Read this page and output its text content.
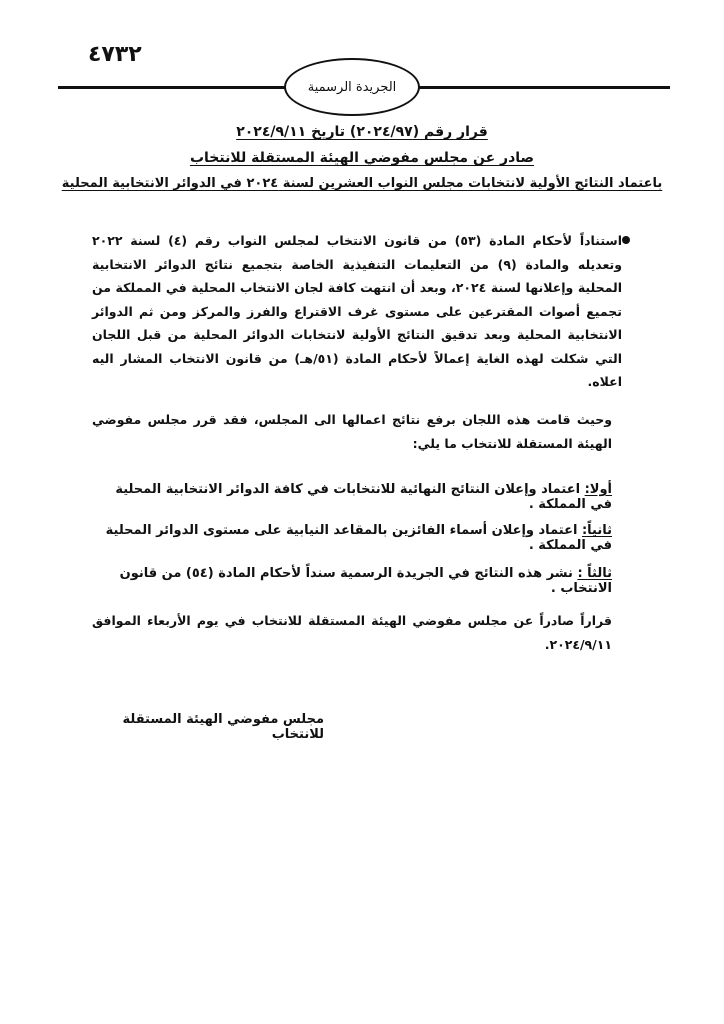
٤٧٣٢
الجريدة الرسمية
قرار رقم (٢٠٢٤/٩٧) تاريخ ٢٠٢٤/٩/١١
صادر عن مجلس مفوضي الهيئة المستقلة للانتخاب
باعتماد النتائج الأولية لانتخابات مجلس النواب العشرين لسنة ٢٠٢٤ في الدوائر الانتخابية المحلية
استناداً لأحكام المادة (٥٣) من قانون الانتخاب لمجلس النواب رقم (٤) لسنة ٢٠٢٢ وتعديله والمادة (٩) من التعليمات التنفيذية الخاصة بتجميع نتائج الدوائر الانتخابية المحلية وإعلانها لسنة ٢٠٢٤، وبعد أن انتهت كافة لجان الانتخاب المحلية في المملكة من تجميع أصوات المقترعين على مستوى غرف الاقتراع والفرز والمركز ومن ثم الدوائر الانتخابية المحلية وبعد تدقيق النتائج الأولية لانتخابات الدوائر المحلية من قبل اللجان التي شكلت لهذه الغاية إعمالاً لأحكام المادة (٥١/هـ) من قانون الانتخاب المشار اليه اعلاه.
وحيث قامت هذه اللجان برفع نتائج اعمالها الى المجلس، فقد قرر مجلس مفوضي الهيئة المستقلة للانتخاب ما يلي:
أولا: اعتماد وإعلان النتائج النهائية للانتخابات في كافة الدوائر الانتخابية المحلية في المملكة .
ثانياً: اعتماد وإعلان أسماء الفائزين بالمقاعد النيابية على مستوى الدوائر المحلية في المملكة .
ثالثاً : نشر هذه النتائج في الجريدة الرسمية سنداً لأحكام المادة (٥٤) من قانون الانتخاب .
قراراً صادراً عن مجلس مفوضي الهيئة المستقلة للانتخاب في يوم الأربعاء الموافق ٢٠٢٤/٩/١١.
مجلس مفوضي الهيئة المستقلة للانتخاب
